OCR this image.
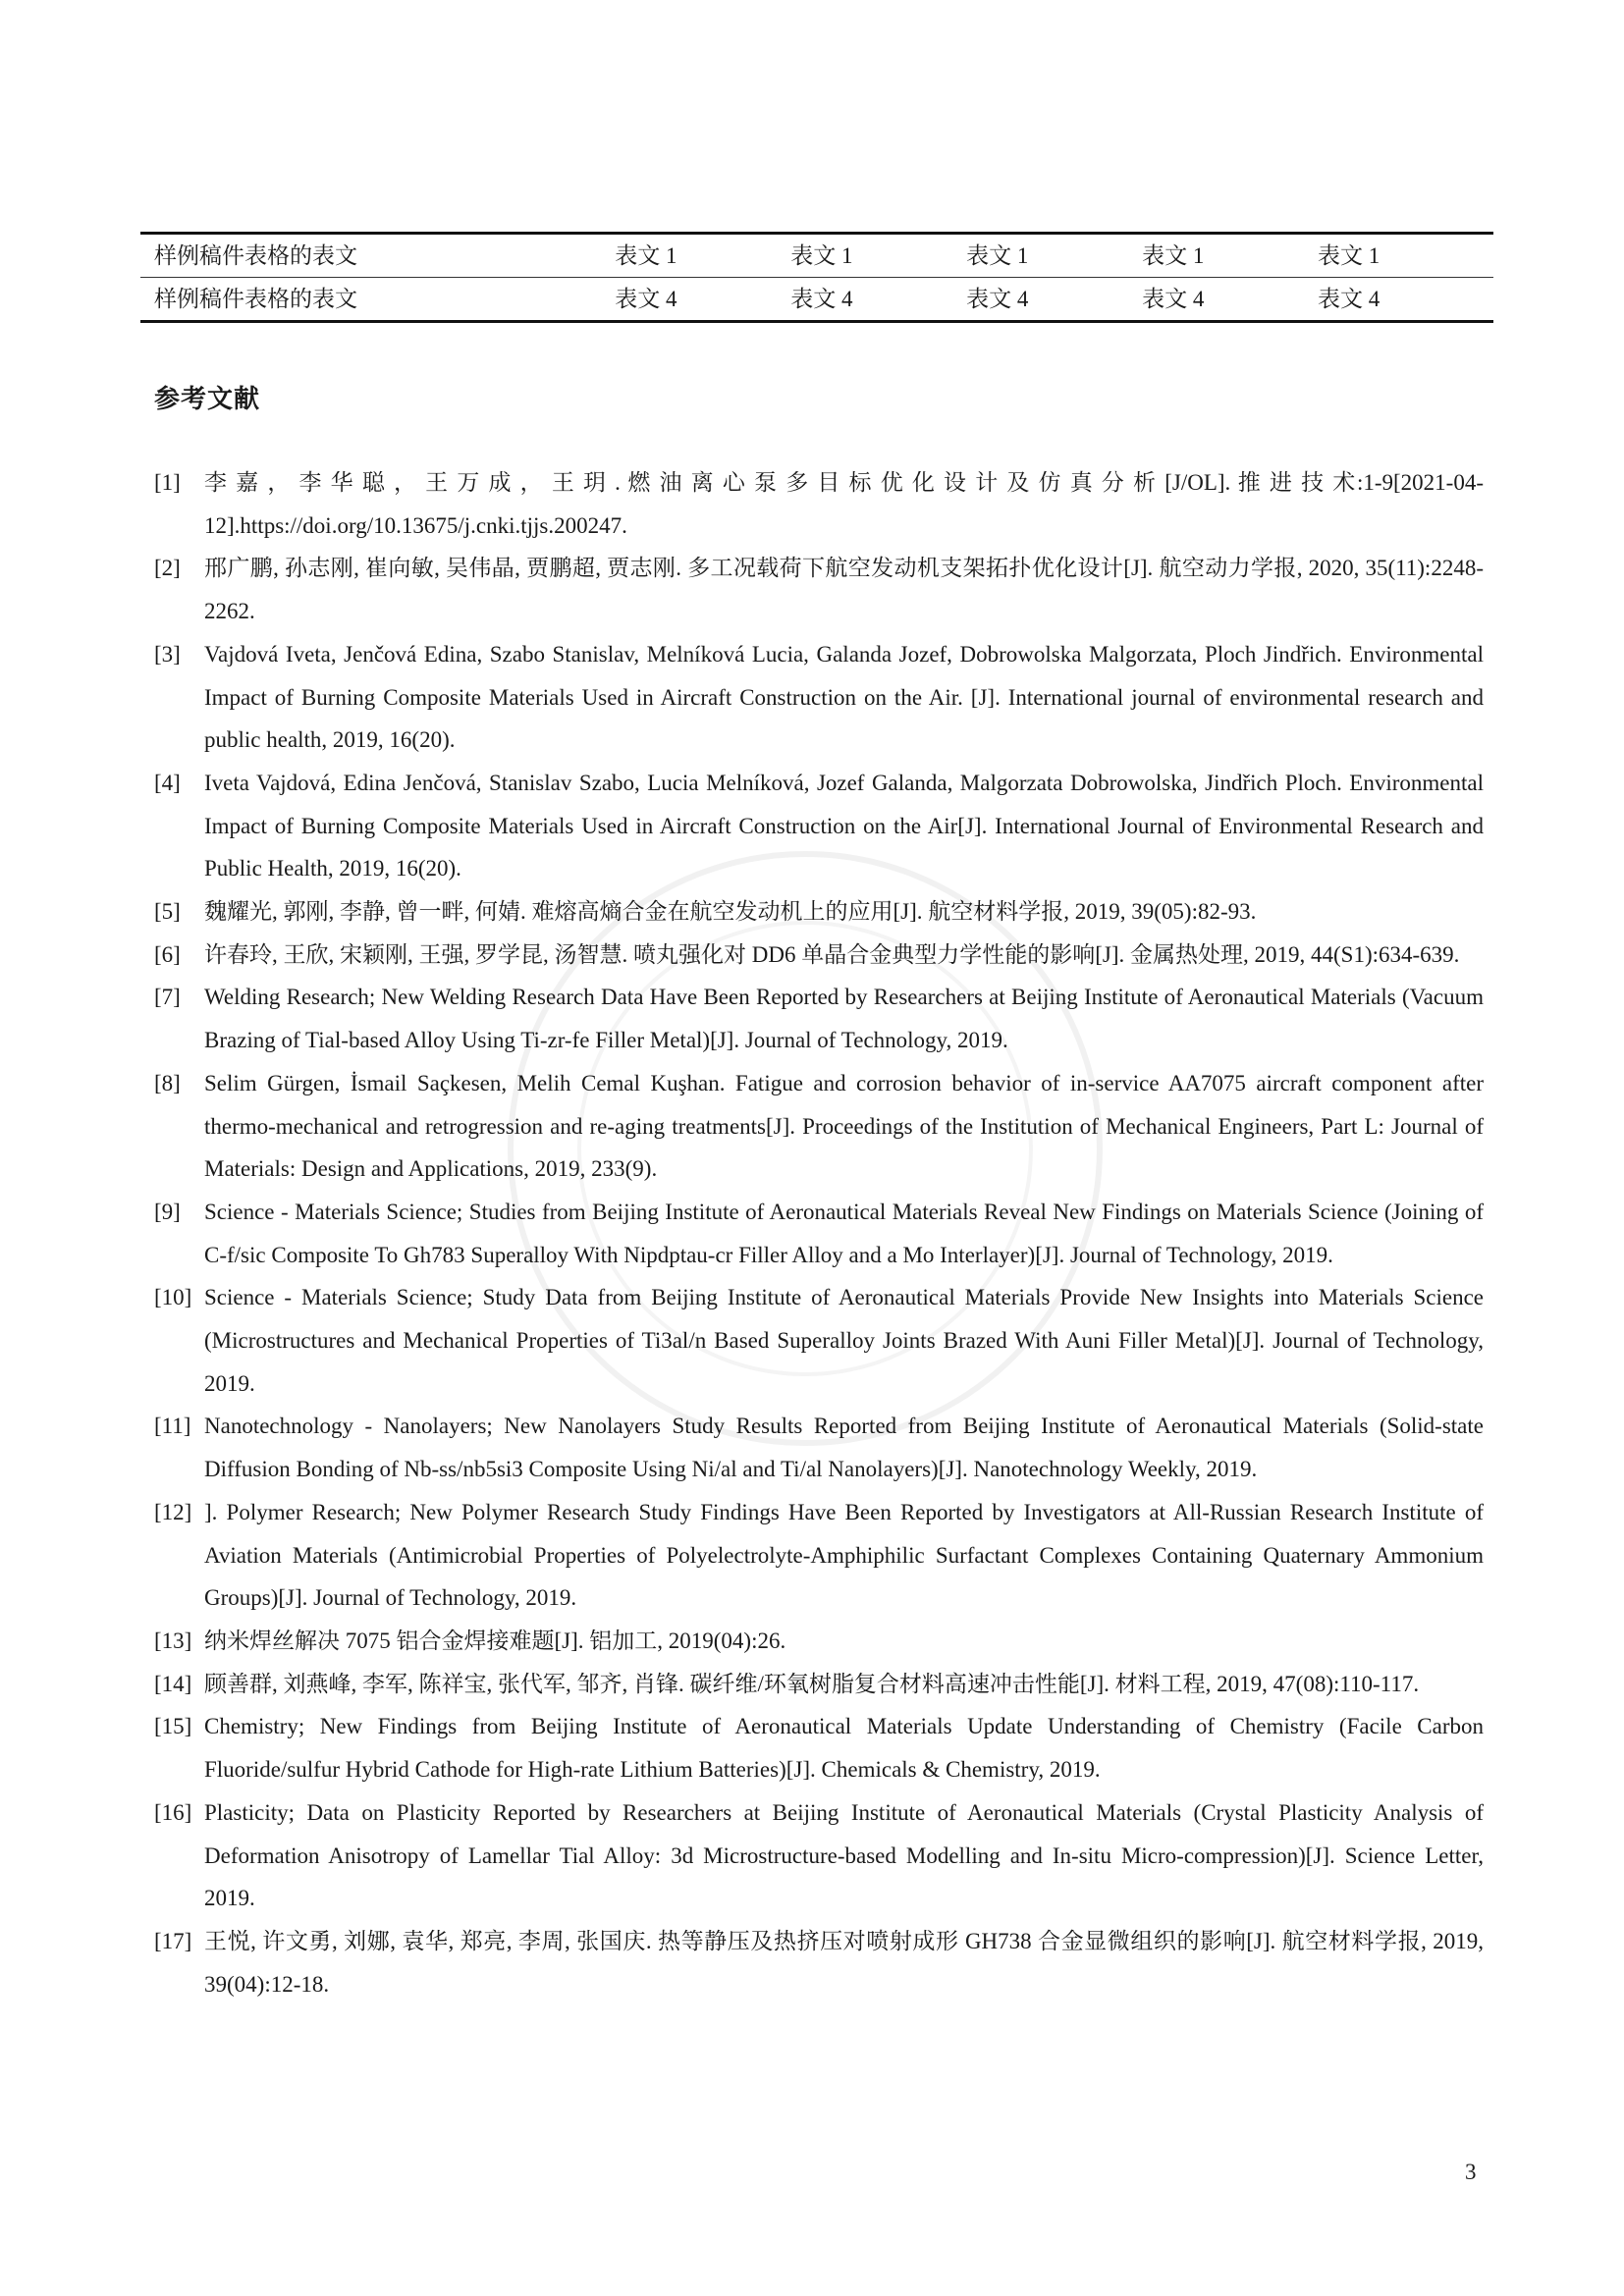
样例稿件表格的表文	表文 1	表文 1	表文 1	表文 1	表文 1
样例稿件表格的表文	表文 4	表文 4	表文 4	表文 4	表文 4
参考文献
[1] 李 嘉 ， 李 华 聪 ， 王 万 成 ， 王 玥 . 燃 油 离 心 泵 多 目 标 优 化 设 计 及 仿 真 分 析 [J/OL]. 推 进 技 术:1-9[2021-04-12].https://doi.org/10.13675/j.cnki.tjjs.200247.
[2] 邢广鹏, 孙志刚, 崔向敏, 吴伟晶, 贾鹏超, 贾志刚. 多工况载荷下航空发动机支架拓扑优化设计[J]. 航空动力学报, 2020, 35(11):2248-2262.
[3] Vajdová Iveta, Jenčová Edina, Szabo Stanislav, Melníková Lucia, Galanda Jozef, Dobrowolska Malgorzata, Ploch Jindřich. Environmental Impact of Burning Composite Materials Used in Aircraft Construction on the Air. [J]. International journal of environmental research and public health, 2019, 16(20).
[4] Iveta Vajdová, Edina Jenčová, Stanislav Szabo, Lucia Melníková, Jozef Galanda, Malgorzata Dobrowolska, Jindřich Ploch. Environmental Impact of Burning Composite Materials Used in Aircraft Construction on the Air[J]. International Journal of Environmental Research and Public Health, 2019, 16(20).
[5] 魏耀光, 郭刚, 李静, 曾一畔, 何婧. 难熔高熵合金在航空发动机上的应用[J]. 航空材料学报, 2019, 39(05):82-93.
[6] 许春玲, 王欣, 宋颖刚, 王强, 罗学昆, 汤智慧. 喷丸强化对 DD6 单晶合金典型力学性能的影响[J]. 金属热处理, 2019, 44(S1):634-639.
[7] Welding Research; New Welding Research Data Have Been Reported by Researchers at Beijing Institute of Aeronautical Materials (Vacuum Brazing of Tial-based Alloy Using Ti-zr-fe Filler Metal)[J]. Journal of Technology, 2019.
[8] Selim Gürgen, İsmail Saçkesen, Melih Cemal Kuşhan. Fatigue and corrosion behavior of in-service AA7075 aircraft component after thermo-mechanical and retrogression and re-aging treatments[J]. Proceedings of the Institution of Mechanical Engineers, Part L: Journal of Materials: Design and Applications, 2019, 233(9).
[9] Science - Materials Science; Studies from Beijing Institute of Aeronautical Materials Reveal New Findings on Materials Science (Joining of C-f/sic Composite To Gh783 Superalloy With Nipdptau-cr Filler Alloy and a Mo Interlayer)[J]. Journal of Technology, 2019.
[10] Science - Materials Science; Study Data from Beijing Institute of Aeronautical Materials Provide New Insights into Materials Science (Microstructures and Mechanical Properties of Ti3al/n Based Superalloy Joints Brazed With Auni Filler Metal)[J]. Journal of Technology, 2019.
[11] Nanotechnology - Nanolayers; New Nanolayers Study Results Reported from Beijing Institute of Aeronautical Materials (Solid-state Diffusion Bonding of Nb-ss/nb5si3 Composite Using Ni/al and Ti/al Nanolayers)[J]. Nanotechnology Weekly, 2019.
[12] ]. Polymer Research; New Polymer Research Study Findings Have Been Reported by Investigators at All-Russian Research Institute of Aviation Materials (Antimicrobial Properties of Polyelectrolyte-Amphiphilic Surfactant Complexes Containing Quaternary Ammonium Groups)[J]. Journal of Technology, 2019.
[13] 纳米焊丝解决 7075 铝合金焊接难题[J]. 铝加工, 2019(04):26.
[14] 顾善群, 刘燕峰, 李军, 陈祥宝, 张代军, 邹齐, 肖锋. 碳纤维/环氧树脂复合材料高速冲击性能[J]. 材料工程, 2019, 47(08):110-117.
[15] Chemistry; New Findings from Beijing Institute of Aeronautical Materials Update Understanding of Chemistry (Facile Carbon Fluoride/sulfur Hybrid Cathode for High-rate Lithium Batteries)[J]. Chemicals & Chemistry, 2019.
[16] Plasticity; Data on Plasticity Reported by Researchers at Beijing Institute of Aeronautical Materials (Crystal Plasticity Analysis of Deformation Anisotropy of Lamellar Tial Alloy: 3d Microstructure-based Modelling and In-situ Micro-compression)[J]. Science Letter, 2019.
[17] 王悦, 许文勇, 刘娜, 袁华, 郑亮, 李周, 张国庆. 热等静压及热挤压对喷射成形 GH738 合金显微组织的影响[J]. 航空材料学报, 2019, 39(04):12-18.
3
